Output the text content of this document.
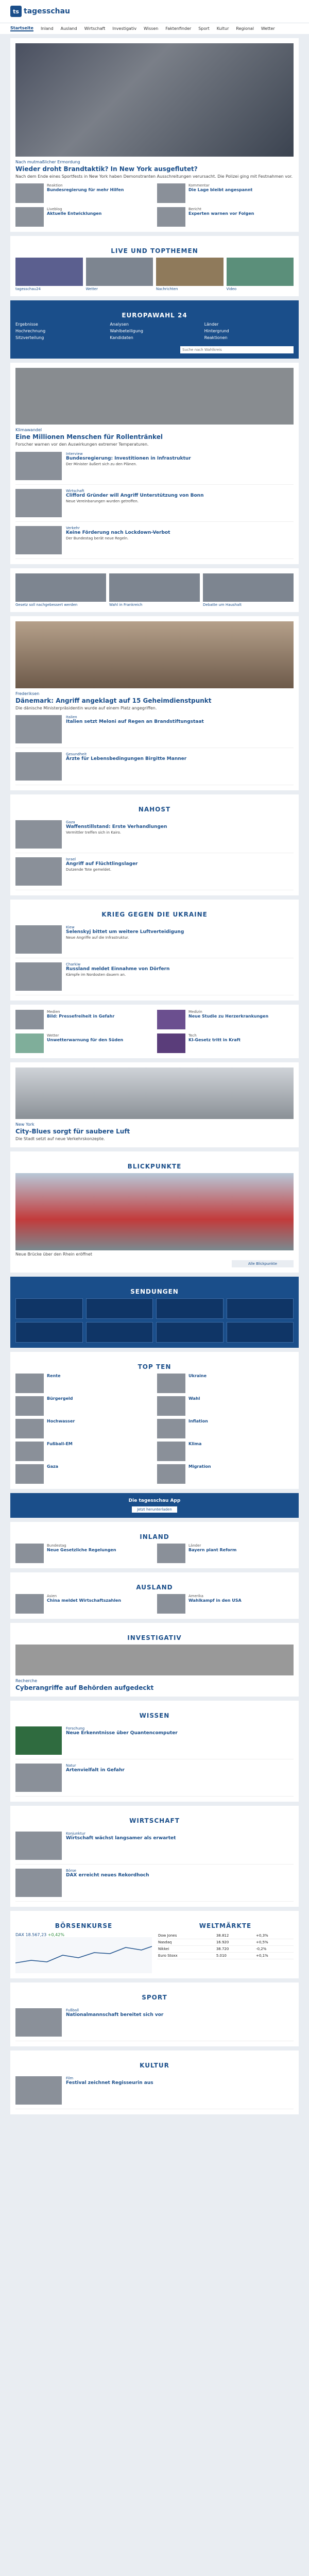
ts tagesschau
Startseite Inland Ausland Wirtschaft Investigativ Wissen Faktenfinder Sport Kultur Regional Wetter
Nach mutmaßlicher Ermordung
Wieder droht Brandtaktik? In New York ausgeflutet?
Nach dem Ende eines Sportfests in New York haben Demonstranten Ausschreitungen verursacht. Die Polizei ging mit Festnahmen vor.
Reaktion
Bundesregierung für mehr Hilfen
Kommentar
Die Lage bleibt angespannt
Liveblog
Aktuelle Entwicklungen
Bericht
Experten warnen vor Folgen
LIVE UND TOPTHEMEN
tagesschau24	Wetter	Nachrichten	Video
EUROPAWAHL 24
Ergebnisse
Hochrechnung
Sitzverteilung
Analysen
Wahlbeteiligung
Kandidaten
Länder
Hintergrund
Reaktionen
Suche nach Wahlkreis
Klimawandel
Eine Millionen Menschen für Rollentränkel
Forscher warnen vor den Auswirkungen extremer Temperaturen.
Interview
Bundesregierung: Investitionen in Infrastruktur
Der Minister äußert sich zu den Plänen.
Wirtschaft
Clifford Gründer will Angriff Unterstützung von Bonn
Neue Vereinbarungen wurden getroffen.
Verkehr
Keine Förderung nach Lockdown-Verbot
Der Bundestag berät neue Regeln.
Gesetz soll nachgebessert werden	Wahl in Frankreich	Debatte um Haushalt
Frederiksen
Dänemark: Angriff angeklagt auf 15 Geheimdienstpunkt
Die dänische Ministerpräsidentin wurde auf einem Platz angegriffen.
Italien
Italien setzt Meloni auf Regen an Brandstiftungstaat
Gesundheit
Ärzte für Lebensbedingungen Birgitte Manner
NAHOST
Gaza
Waffenstillstand: Erste Verhandlungen
Vermittler treffen sich in Kairo.
Israel
Angriff auf Flüchtlingslager
Dutzende Tote gemeldet.
KRIEG GEGEN DIE UKRAINE
Kiew
Selenskyj bittet um weitere Luftverteidigung
Neue Angriffe auf die Infrastruktur.
Charkiw
Russland meldet Einnahme von Dörfern
Kämpfe im Nordosten dauern an.
Medien
Bild: Pressefreiheit in Gefahr
Medizin
Neue Studie zu Herzerkrankungen
Wetter
Unwetterwarnung für den Süden
Tech
KI-Gesetz tritt in Kraft
New York
City-Blues sorgt für saubere Luft
Die Stadt setzt auf neue Verkehrskonzepte.
BLICKPUNKTE
Neue Brücke über den Rhein eröffnet
Alle Blickpunkte
SENDUNGEN
TOP TEN
Rente
Bürgergeld
Hochwasser
Fußball-EM
Gaza
Ukraine
Wahl
Inflation
Klima
Migration
Die tagesschau App
Jetzt herunterladen
INLAND
Bundestag
Neue Gesetzliche Regelungen
Länder
Bayern plant Reform
AUSLAND
Asien
China meldet Wirtschaftszahlen
Amerika
Wahlkampf in den USA
INVESTIGATIV
Recherche
Cyberangriffe auf Behörden aufgedeckt
WISSEN
Forschung
Neue Erkenntnisse über Quantencomputer
Natur
Artenvielfalt in Gefahr
WIRTSCHAFT
Konjunktur
Wirtschaft wächst langsamer als erwartet
Börse
DAX erreicht neues Rekordhoch
BÖRSENKURSE
DAX 18.567,23 +0,42%
WELTMÄRKTE
Dow Jones	38.812	+0,3%
Nasdaq	16.920	+0,5%
Nikkei	38.720	-0,2%
Euro Stoxx	5.010	+0,1%
SPORT
Fußball
Nationalmannschaft bereitet sich vor
KULTUR
Film
Festival zeichnet Regisseurin aus
